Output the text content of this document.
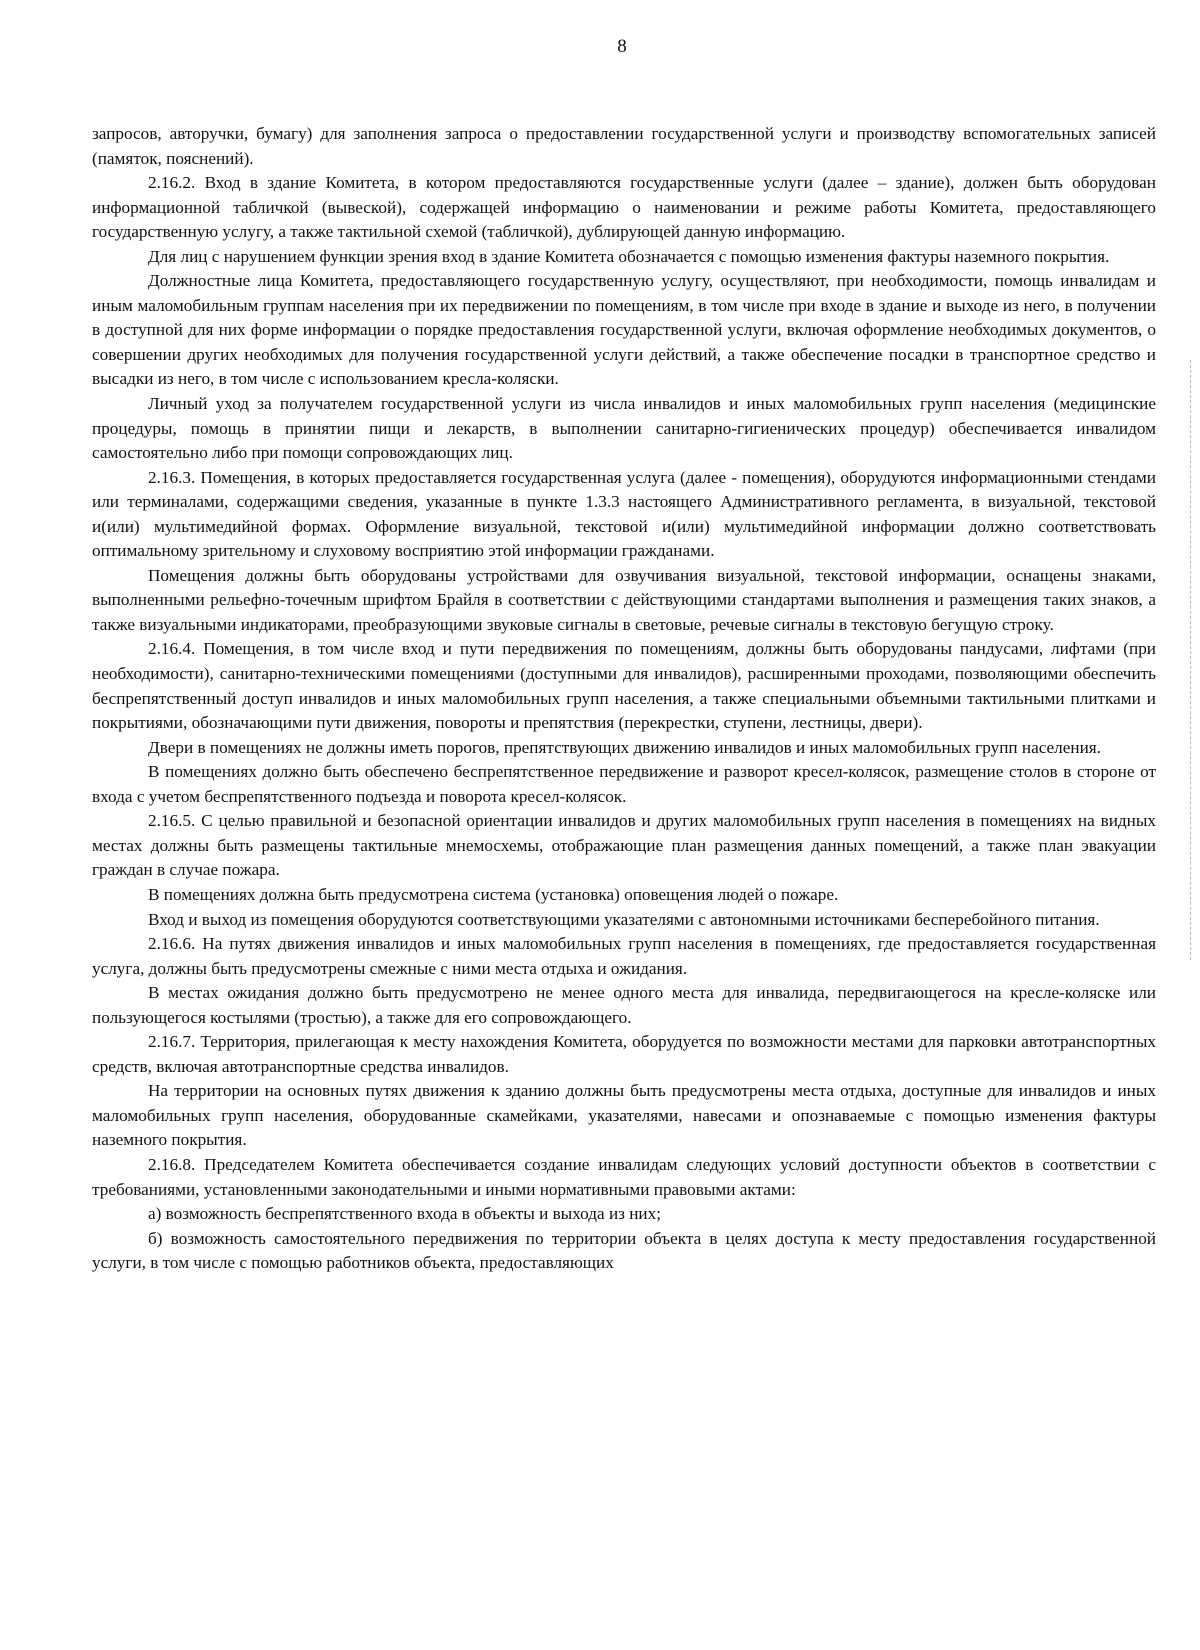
8

запросов, авторучки, бумагу) для заполнения запроса о предоставлении государственной услуги и производству вспомогательных записей (памяток, пояснений).

2.16.2. Вход в здание Комитета, в котором предоставляются государственные услуги (далее – здание), должен быть оборудован информационной табличкой (вывеской), содержащей информацию о наименовании и режиме работы Комитета, предоставляющего государственную услугу, а также тактильной схемой (табличкой), дублирующей данную информацию.

Для лиц с нарушением функции зрения вход в здание Комитета обозначается с помощью изменения фактуры наземного покрытия.

Должностные лица Комитета, предоставляющего государственную услугу, осуществляют, при необходимости, помощь инвалидам и иным маломобильным группам населения при их передвижении по помещениям, в том числе при входе в здание и выходе из него, в получении в доступной для них форме информации о порядке предоставления государственной услуги, включая оформление необходимых документов, о совершении других необходимых для получения государственной услуги действий, а также обеспечение посадки в транспортное средство и высадки из него, в том числе с использованием кресла-коляски.

Личный уход за получателем государственной услуги из числа инвалидов и иных маломобильных групп населения (медицинские процедуры, помощь в принятии пищи и лекарств, в выполнении санитарно-гигиенических процедур) обеспечивается инвалидом самостоятельно либо при помощи сопровождающих лиц.

2.16.3. Помещения, в которых предоставляется государственная услуга (далее - помещения), оборудуются информационными стендами или терминалами, содержащими сведения, указанные в пункте 1.3.3 настоящего Административного регламента, в визуальной, текстовой и(или) мультимедийной формах. Оформление визуальной, текстовой и(или) мультимедийной информации должно соответствовать оптимальному зрительному и слуховому восприятию этой информации гражданами.

Помещения должны быть оборудованы устройствами для озвучивания визуальной, текстовой информации, оснащены знаками, выполненными рельефно-точечным шрифтом Брайля в соответствии с действующими стандартами выполнения и размещения таких знаков, а также визуальными индикаторами, преобразующими звуковые сигналы в световые, речевые сигналы в текстовую бегущую строку.

2.16.4. Помещения, в том числе вход и пути передвижения по помещениям, должны быть оборудованы пандусами, лифтами (при необходимости), санитарно-техническими помещениями (доступными для инвалидов), расширенными проходами, позволяющими обеспечить беспрепятственный доступ инвалидов и иных маломобильных групп населения, а также специальными объемными тактильными плитками и покрытиями, обозначающими пути движения, повороты и препятствия (перекрестки, ступени, лестницы, двери).

Двери в помещениях не должны иметь порогов, препятствующих движению инвалидов и иных маломобильных групп населения.

В помещениях должно быть обеспечено беспрепятственное передвижение и разворот кресел-колясок, размещение столов в стороне от входа с учетом беспрепятственного подъезда и поворота кресел-колясок.

2.16.5. С целью правильной и безопасной ориентации инвалидов и других маломобильных групп населения в помещениях на видных местах должны быть размещены тактильные мнемосхемы, отображающие план размещения данных помещений, а также план эвакуации граждан в случае пожара.

В помещениях должна быть предусмотрена система (установка) оповещения людей о пожаре.

Вход и выход из помещения оборудуются соответствующими указателями с автономными источниками бесперебойного питания.

2.16.6. На путях движения инвалидов и иных маломобильных групп населения в помещениях, где предоставляется государственная услуга, должны быть предусмотрены смежные с ними места отдыха и ожидания.

В местах ожидания должно быть предусмотрено не менее одного места для инвалида, передвигающегося на кресле-коляске или пользующегося костылями (тростью), а также для его сопровождающего.

2.16.7. Территория, прилегающая к месту нахождения Комитета, оборудуется по возможности местами для парковки автотранспортных средств, включая автотранспортные средства инвалидов.

На территории на основных путях движения к зданию должны быть предусмотрены места отдыха, доступные для инвалидов и иных маломобильных групп населения, оборудованные скамейками, указателями, навесами и опознаваемые с помощью изменения фактуры наземного покрытия.

2.16.8. Председателем Комитета обеспечивается создание инвалидам следующих условий доступности объектов в соответствии с требованиями, установленными законодательными и иными нормативными правовыми актами:

а) возможность беспрепятственного входа в объекты и выхода из них;

б) возможность самостоятельного передвижения по территории объекта в целях доступа к месту предоставления государственной услуги, в том числе с помощью работников объекта, предоставляющих
